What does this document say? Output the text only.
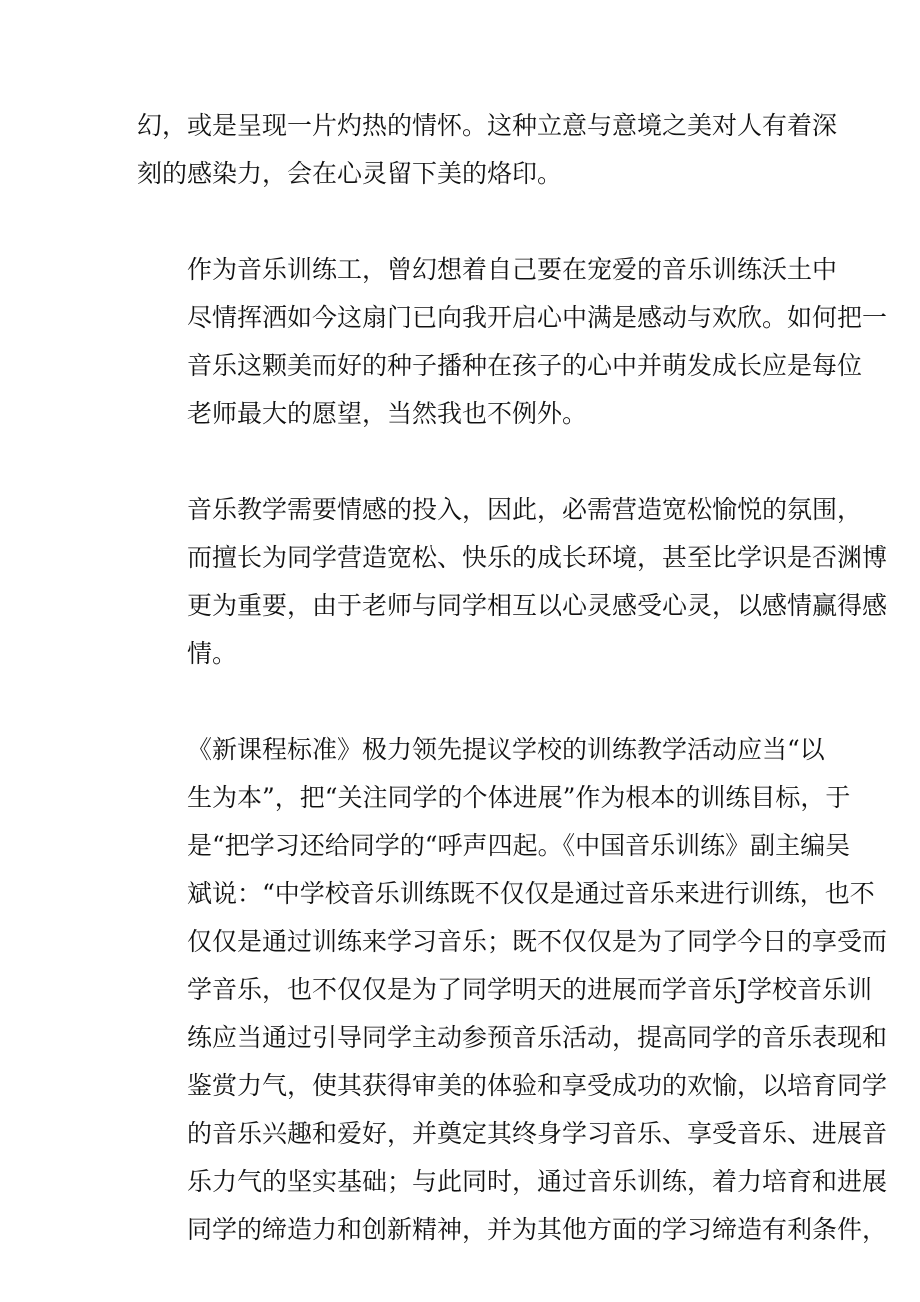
幻，或是呈现一片灼热的情怀。这种立意与意境之美对人有着深
刻的感染力，会在心灵留下美的烙印。

作为音乐训练工，曾幻想着自己要在宠爱的音乐训练沃土中
尽情挥洒如今这扇门已向我开启心中满是感动与欢欣。如何把一
音乐这颗美而好的种子播种在孩子的心中并萌发成长应是每位
老师最大的愿望，当然我也不例外。

音乐教学需要情感的投入，因此，必需营造宽松愉悦的氛围，
而擅长为同学营造宽松、快乐的成长环境，甚至比学识是否渊博
更为重要，由于老师与同学相互以心灵感受心灵，以感情赢得感
情。

《新课程标准》极力领先提议学校的训练教学活动应当“以
生为本”，把“关注同学的个体进展”作为根本的训练目标，于
是“把学习还给同学的“呼声四起。《中国音乐训练》副主编吴
斌说：“中学校音乐训练既不仅仅是通过音乐来进行训练，也不
仅仅是通过训练来学习音乐；既不仅仅是为了同学今日的享受而
学音乐，也不仅仅是为了同学明天的进展而学音乐J学校音乐训
练应当通过引导同学主动参预音乐活动，提高同学的音乐表现和
鉴赏力气，使其获得审美的体验和享受成功的欢愉，以培育同学
的音乐兴趣和爱好，并奠定其终身学习音乐、享受音乐、进展音
乐力气的坚实基础；与此同时，通过音乐训练，着力培育和进展
同学的缔造力和创新精神，并为其他方面的学习缔造有利条件，
